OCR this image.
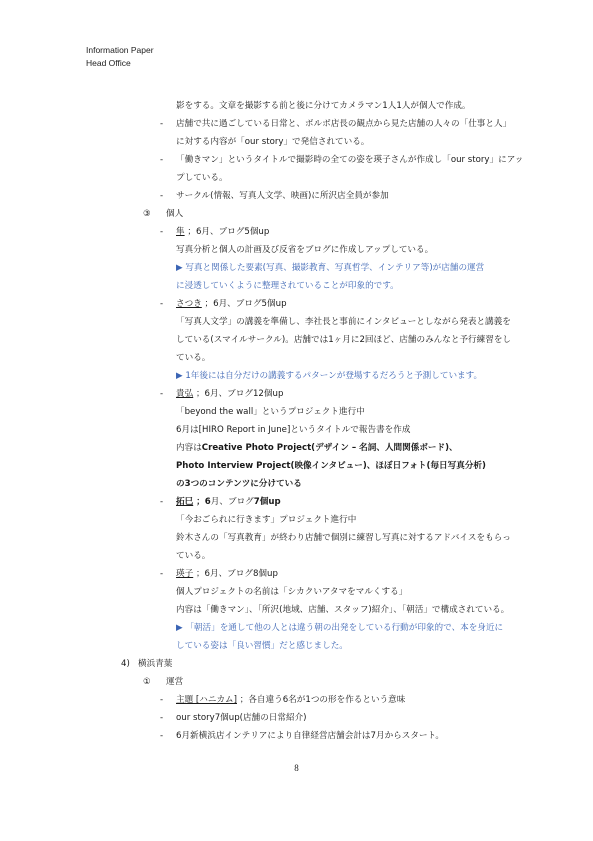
Information Paper
Head Office
影をする。文章を撮影する前と後に分けてカメラマン1人1人が個人で作成。
- 店舗で共に過ごしている日常と、ボルボ店長の観点から見た店舗の人々の「仕事と人」
に対する内容が「our story」で発信されている。
- 「働きマン」というタイトルで撮影時の全ての姿を瑛子さんが作成し「our story」にアッ
プしている。
- サークル(情報、写真人文学、映画)に所沢店全員が参加
③ 個人
- 隼 ；6月、ブログ5個up
写真分析と個人の計画及び反省をブログに作成しアップしている。
▶ 写真と関係した要素(写真、撮影教育、写真哲学、インテリア等)が店舗の運営
に浸透していくように整理されていることが印象的です。
- さつき ；6月、ブログ5個up
「写真人文学」の講義を準備し、李社長と事前にインタビューとしながら発表と講義を
している(スマイルサークル)。店舗では1ヶ月に2回ほど、店舗のみんなと予行練習をし
ている。
▶ 1年後には自分だけの講義するパターンが登場するだろうと予測しています。
- 貴弘 ；6月、ブログ12個up
「beyond the wall」というプロジェクト進行中
6月は[HIRO Report in June]というタイトルで報告書を作成
内容はCreative Photo Project(デザイン – 名詞、人間関係ボード)、
Photo Interview Project(映像インタビュー)、ほぼ日フォト(毎日写真分析)
の3つのコンテンツに分けている
- 拓巳 ；6月、ブログ7個up
「今おごられに行きます」プロジェクト進行中
鈴木さんの「写真教育」が終わり店舗で個別に練習し写真に対するアドバイスをもらっ
ている。
- 瑛子 ；6月、ブログ8個up
個人プロジェクトの名前は「シカクいアタマをマルくする」
内容は「働きマン」、「所沢(地域、店舗、スタッフ)紹介」、「朝活」で構成されている。
▶ 「朝活」を通して他の人とは違う朝の出発をしている行動が印象的で、本を身近に
している姿は「良い習慣」だと感じました。
4) 横浜青葉
① 運営
- 主題 [ハニカム] ；各自違う6名が1つの形を作るという意味
- our story7個up(店舗の日常紹介)
- 6月新横浜店インテリアにより自律経営店舗会計は7月からスタート。
8
